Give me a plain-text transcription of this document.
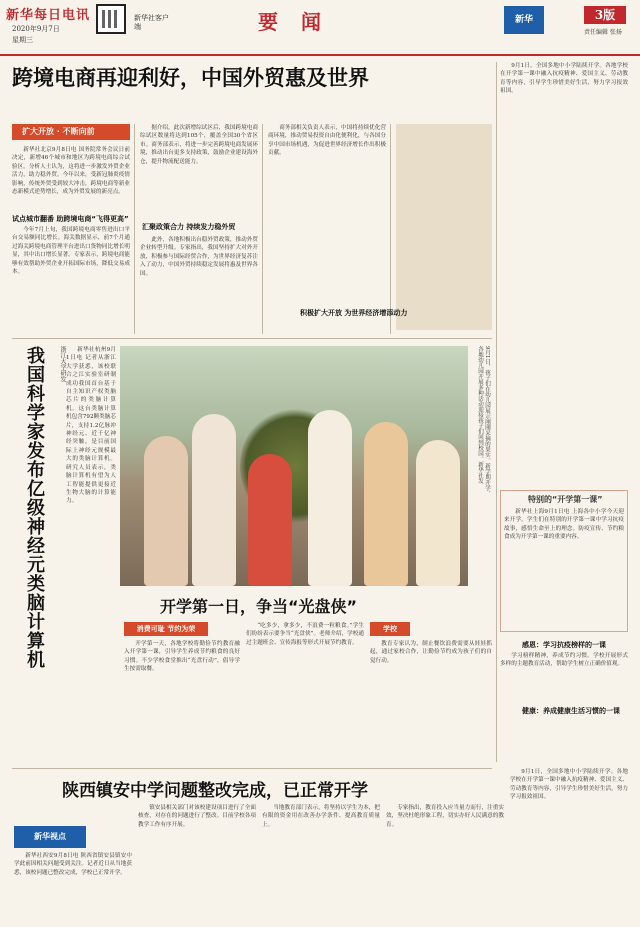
新华每日电讯
2020年9月7日
星期三
新华社客户端	要 闻	新华	3版
责任编辑 张扬
跨境电商再迎利好，中国外贸惠及世界
扩大开放 · 不断向前
试点城市翻番 助跨境电商“飞得更高”

新华社北京9月8日电 国务院常务会议日前决定，新增46个城市和地区为跨境电商综合试验区。分析人士认为，这将进一步激发外贸企业活力，助力稳外贸。今年以来，受新冠肺炎疫情影响，传统外贸受到较大冲击，跨境电商等新业态新模式逆势增长，成为外贸发展的新亮点。

今年7月上旬，我国跨境电商零售进出口平台交易额同比增长。海关数据显示，前7个月通过海关跨境电商管理平台进出口货物同比增长明显，其中出口增长显著。专家表示，跨境电商能够有效帮助外贸企业开拓国际市场，降低交易成本。

据介绍，此次新增综试区后，我国跨境电商综试区数量将达到105个，覆盖全国30个省区市。商务部表示，将进一步完善跨境电商发展环境，推动出台更多支持政策，鼓励企业建设海外仓，提升物流配送能力。

汇聚政策合力 持续发力稳外贸

此外，各地积极出台稳外贸政策，推动外贸企业转型升级。专家指出，我国坚持扩大对外开放，积极参与国际经贸合作，为世界经济复苏注入了动力，中国外贸持续稳定发展将惠及世界各国。

商务部相关负责人表示，中国将持续优化营商环境，推动贸易投资自由化便利化，与各国分享中国市场机遇，为促进世界经济增长作出积极贡献。

积极扩大开放 为世界经济增添动力
我国科学家发布亿级神经元类脑计算机	浙江大学研发	新华社杭州9月1日电 记者从浙江大学获悉，该校联合之江实验室研制成功我国首台基于自主知识产权类脑芯片的类脑计算机。这台类脑计算机包含792颗类脑芯片，支持1.2亿脉冲神经元、近千亿神经突触，是目前国际上神经元规模最大的类脑计算机。研究人员表示，类脑计算机有望为人工智能提供更接近生物大脑的计算能力。

9月1日，孩子们在幼儿园展示刚刚采摘的果实。新学期开学，各地幼儿园开展多种活动迎接孩子们回到校园。新华社发
开学第一日，争当“光盘侠”
消费可耻 节约为荣	学校

开学第一天，各地学校将勤俭节约教育融入开学第一课，引导学生养成节约粮食的良好习惯。不少学校食堂推出“光盘行动”，倡导学生按需取餐。

“吃多少，拿多少，不浪费一粒粮食。”学生们纷纷表示要争当“光盘侠”。老师介绍，学校通过主题班会、宣传海报等形式开展节约教育。	教育专家认为，制止餐饮浪费需要从娃娃抓起，通过家校合作，让勤俭节约成为孩子们的自觉行动。

9月1日，全国多地中小学陆续开学。各地学校在开学第一课中融入抗疫精神、爱国主义、劳动教育等内容，引导学生珍惜美好生活，努力学习报效祖国。

特别的“开学第一课”

新华社上海9月1日电 上海各中小学今天迎来开学。学生们在特别的开学第一课中学习抗疫故事，感悟生命至上的理念。防疫宣传、节约粮食成为开学第一课的重要内容。

感恩：学习抗疫榜样的一课

学习榜样精神，养成节约习惯。学校开展形式多样的主题教育活动，帮助学生树立正确价值观。

健康：养成健康生活习惯的一课
陕西镇安中学问题整改完成，已正常开学
新华视点

新华社西安9月8日电 陕西省镇安县镇安中学此前因相关问题受到关注。记者近日从当地获悉，该校问题已整改完成，学校已正常开学。

镇安县相关部门对该校建设项目进行了全面核查，对存在的问题进行了整改。目前学校各项教学工作有序开展。

当地教育部门表示，将坚持以学生为本，把有限的资金用在改善办学条件、提高教育质量上。

专家指出，教育投入应当量力而行，注重实效，坚决杜绝形象工程，切实办好人民满意的教育。

9月1日，全国多地中小学陆续开学。各地学校在开学第一课中融入抗疫精神、爱国主义、劳动教育等内容，引导学生珍惜美好生活，努力学习报效祖国。
